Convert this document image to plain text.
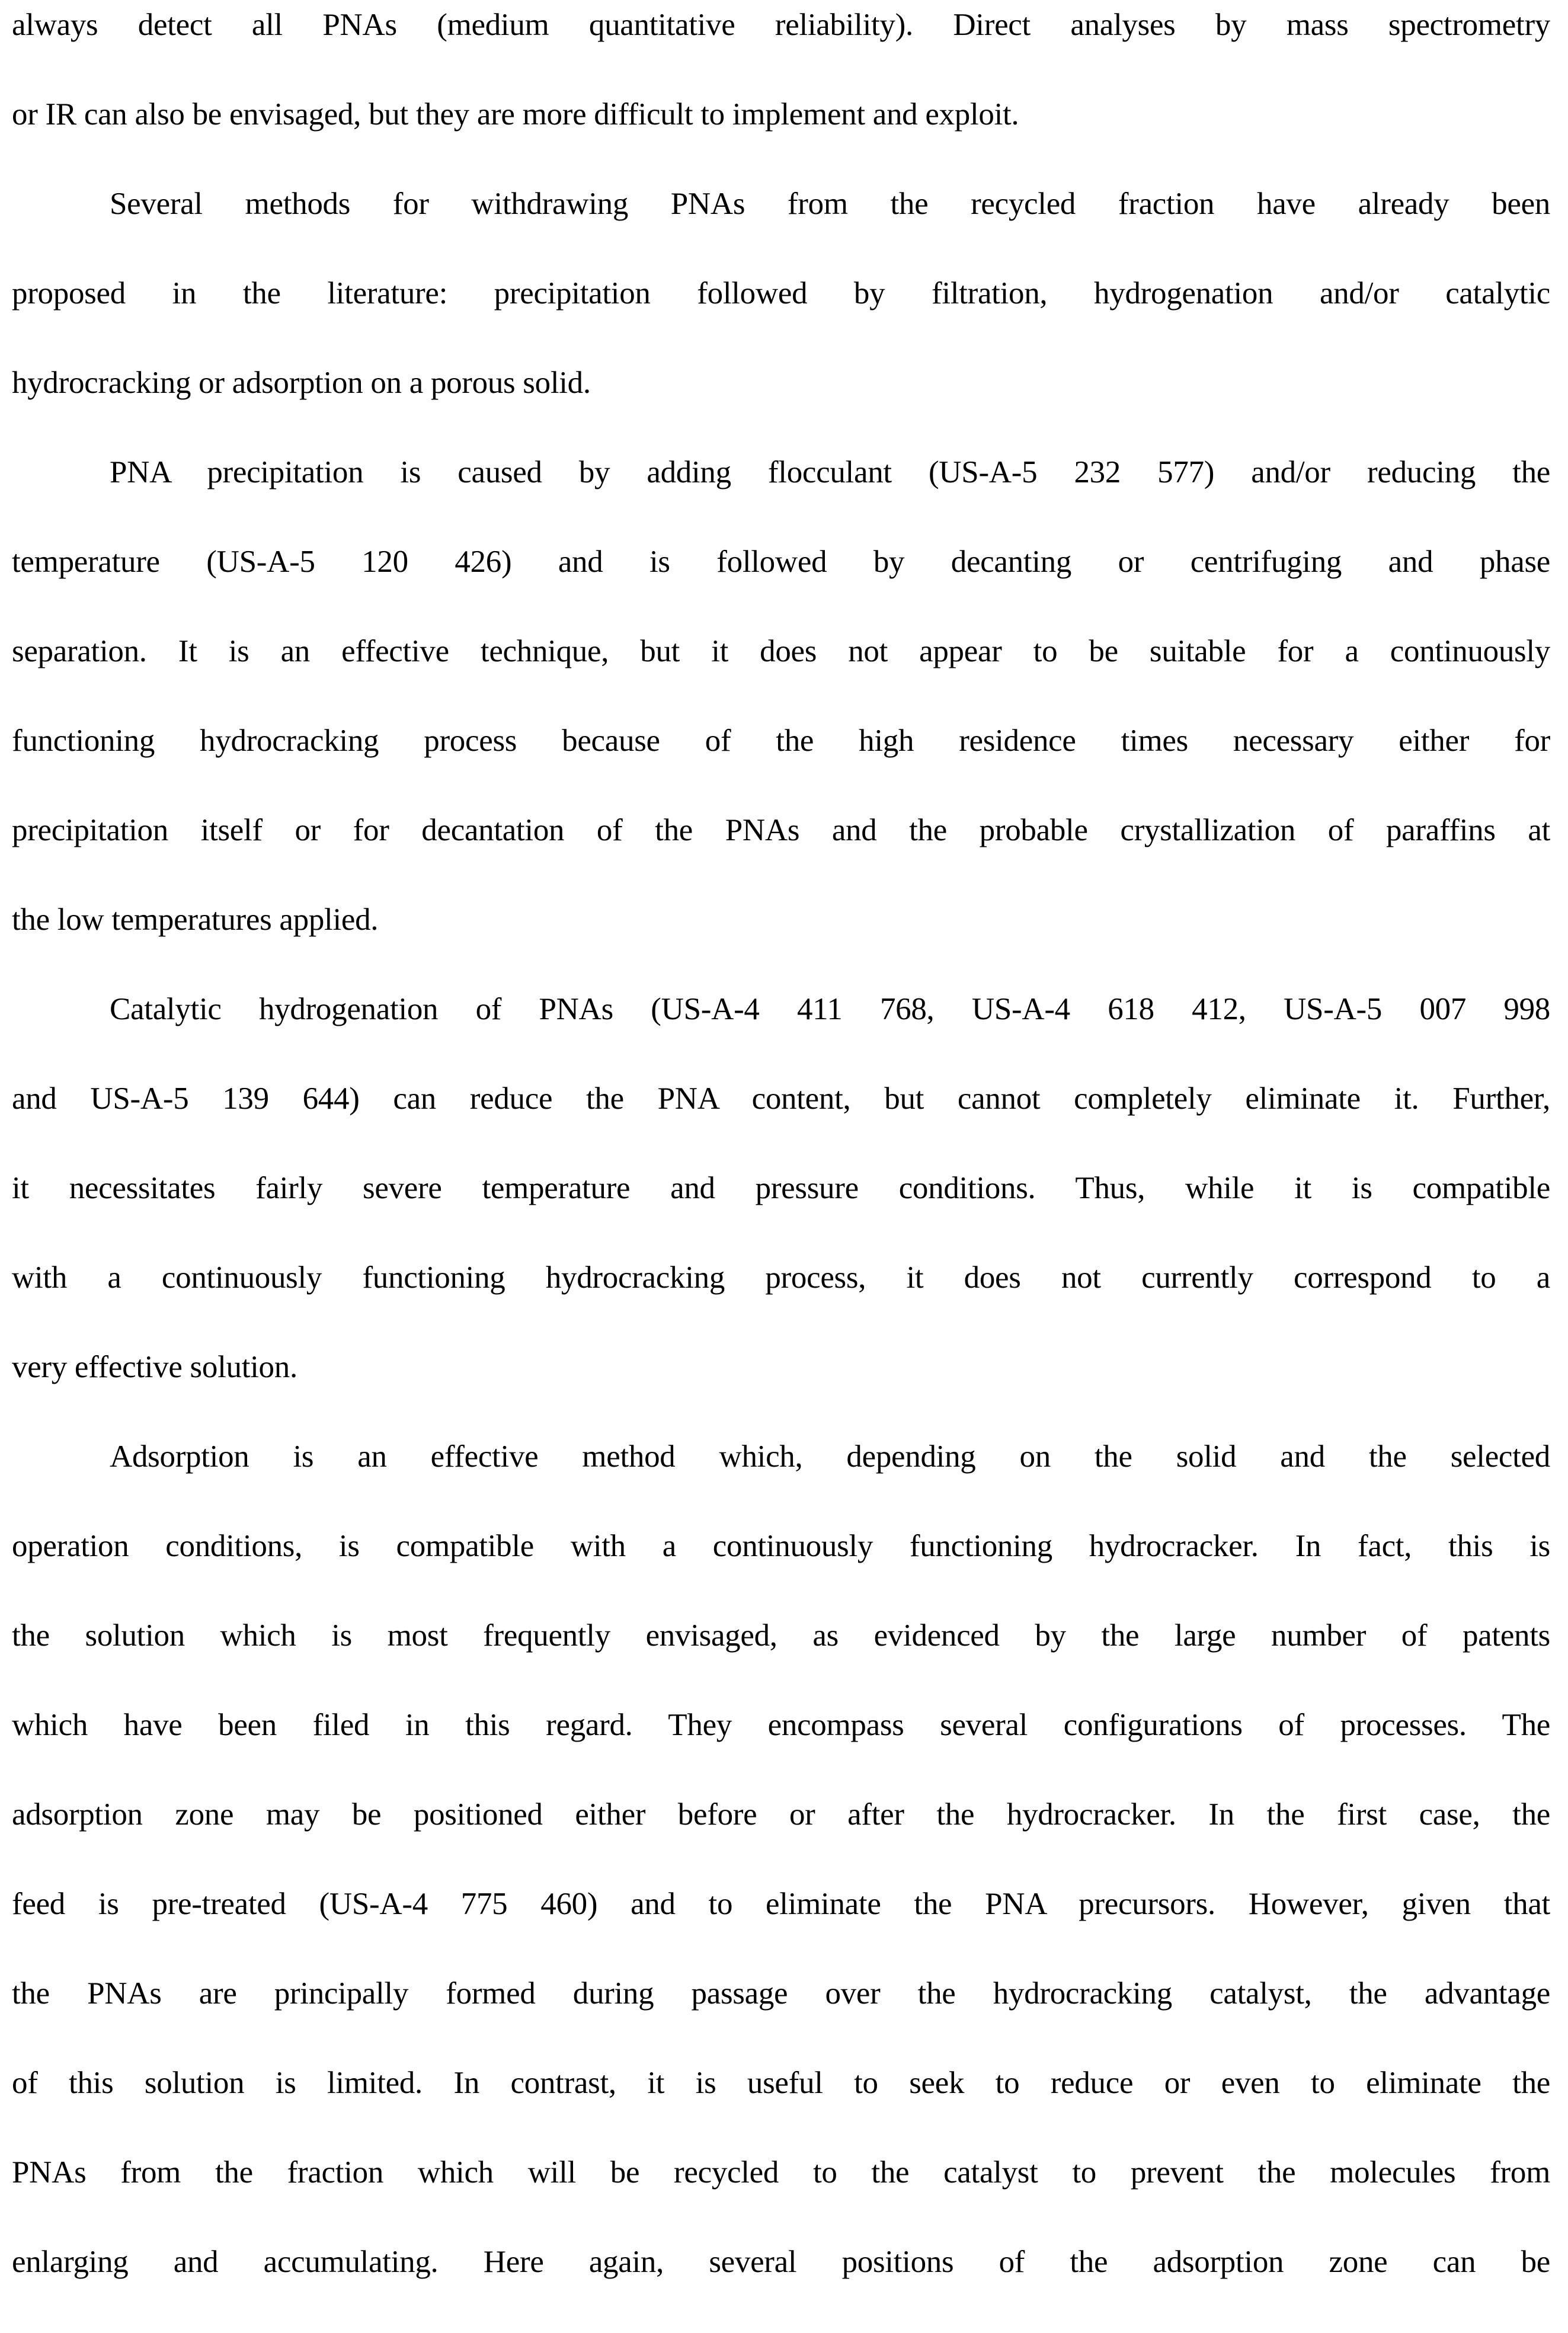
always detect all PNAs (medium quantitative reliability). Direct analyses by mass spectrometry
or IR can also be envisaged, but they are more difficult to implement and exploit.
Several methods for withdrawing PNAs from the recycled fraction have already been
proposed in the literature: precipitation followed by filtration, hydrogenation and/or catalytic
hydrocracking or adsorption on a porous solid.
PNA precipitation is caused by adding flocculant (US-A-5 232 577) and/or reducing the
temperature (US-A-5 120 426) and is followed by decanting or centrifuging and phase
separation. It is an effective technique, but it does not appear to be suitable for a continuously
functioning hydrocracking process because of the high residence times necessary either for
precipitation itself or for decantation of the PNAs and the probable crystallization of paraffins at
the low temperatures applied.
Catalytic hydrogenation of PNAs (US-A-4 411 768, US-A-4 618 412, US-A-5 007 998
and US-A-5 139 644) can reduce the PNA content, but cannot completely eliminate it. Further,
it necessitates fairly severe temperature and pressure conditions. Thus, while it is compatible
with a continuously functioning hydrocracking process, it does not currently correspond to a
very effective solution.
Adsorption is an effective method which, depending on the solid and the selected
operation conditions, is compatible with a continuously functioning hydrocracker. In fact, this is
the solution which is most frequently envisaged, as evidenced by the large number of patents
which have been filed in this regard. They encompass several configurations of processes. The
adsorption zone may be positioned either before or after the hydrocracker. In the first case, the
feed is pre-treated (US-A-4 775 460) and to eliminate the PNA precursors. However, given that
the PNAs are principally formed during passage over the hydrocracking catalyst, the advantage
of this solution is limited. In contrast, it is useful to seek to reduce or even to eliminate the
PNAs from the fraction which will be recycled to the catalyst to prevent the molecules from
enlarging and accumulating. Here again, several positions of the adsorption zone can be
